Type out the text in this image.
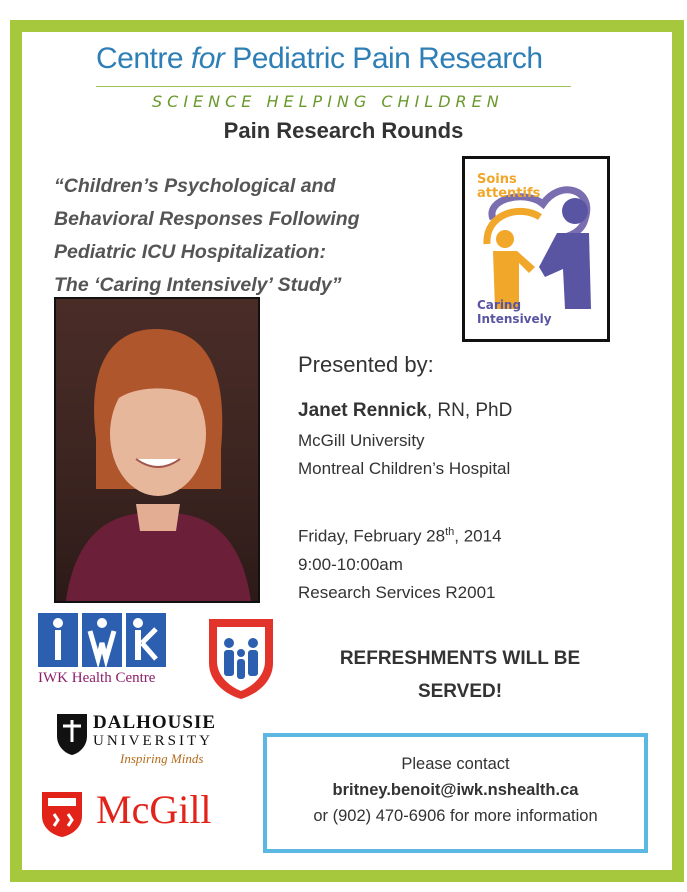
Centre for Pediatric Pain Research
SCIENCE HELPING CHILDREN
Pain Research Rounds
“Children’s Psychological and
Behavioral Responses Following
Pediatric ICU Hospitalization:
The ‘Caring Intensively’ Study”
Soins
attentifs
Caring
Intensively
Presented by:
Janet Rennick, RN, PhD
McGill University
Montreal Children’s Hospital
Friday, February 28th, 2014
9:00-10:00am
Research Services R2001
REFRESHMENTS WILL BE
SERVED!
Please contact
britney.benoit@iwk.nshealth.ca
or (902) 470-6906 for more information
IWK Health Centre
DALHOUSIE
UNIVERSITY
Inspiring Minds
McGill
